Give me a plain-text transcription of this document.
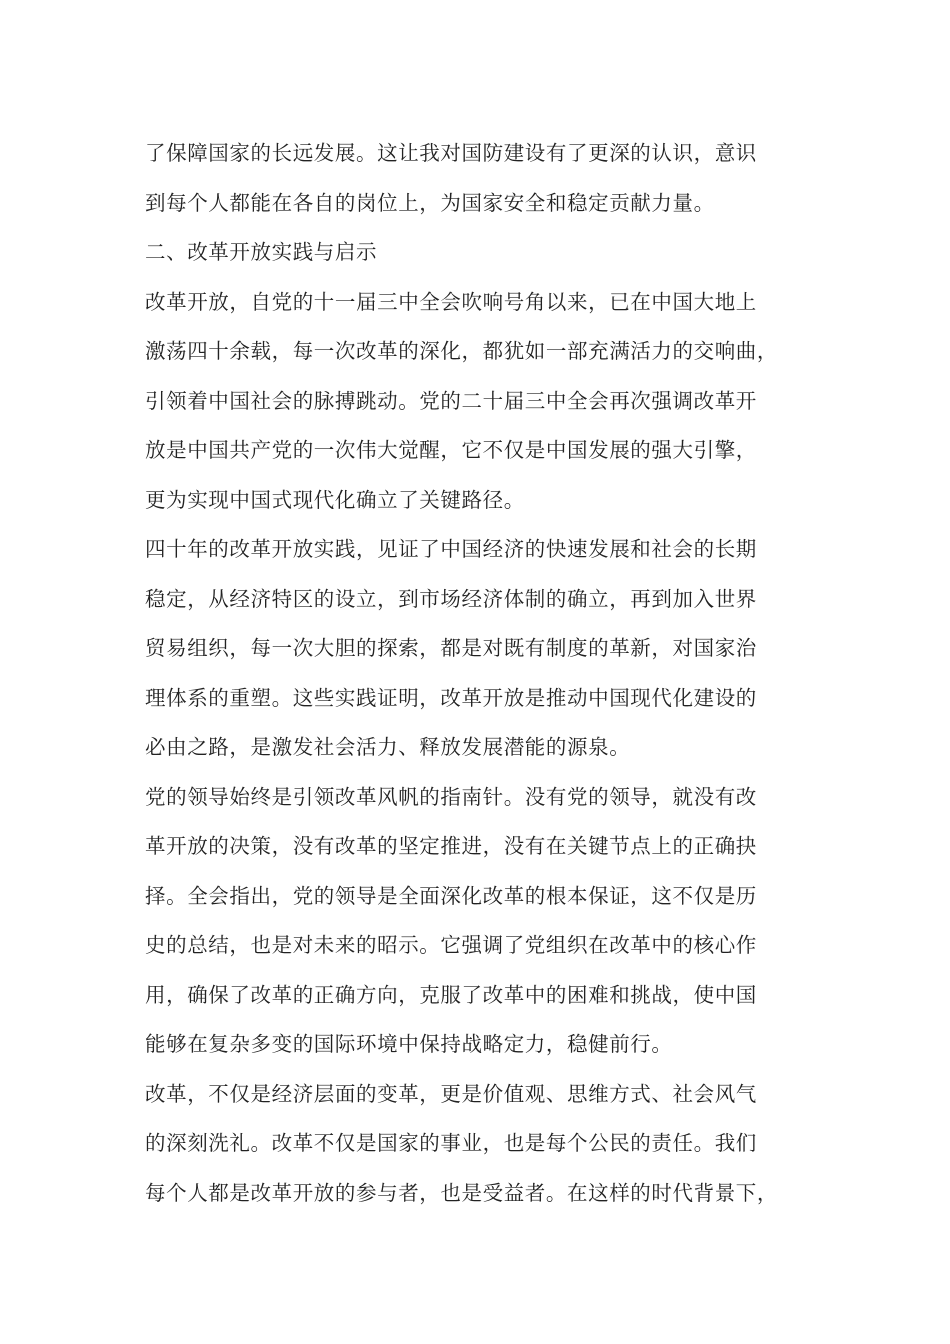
了保障国家的长远发展。这让我对国防建设有了更深的认识，意识
到每个人都能在各自的岗位上，为国家安全和稳定贡献力量。
二、改革开放实践与启示
改革开放，自党的十一届三中全会吹响号角以来，已在中国大地上
激荡四十余载，每一次改革的深化，都犹如一部充满活力的交响曲，
引领着中国社会的脉搏跳动。党的二十届三中全会再次强调改革开
放是中国共产党的一次伟大觉醒，它不仅是中国发展的强大引擎，
更为实现中国式现代化确立了关键路径。
四十年的改革开放实践，见证了中国经济的快速发展和社会的长期
稳定，从经济特区的设立，到市场经济体制的确立，再到加入世界
贸易组织，每一次大胆的探索，都是对既有制度的革新，对国家治
理体系的重塑。这些实践证明，改革开放是推动中国现代化建设的
必由之路，是激发社会活力、释放发展潜能的源泉。
党的领导始终是引领改革风帆的指南针。没有党的领导，就没有改
革开放的决策，没有改革的坚定推进，没有在关键节点上的正确抉
择。全会指出，党的领导是全面深化改革的根本保证，这不仅是历
史的总结，也是对未来的昭示。它强调了党组织在改革中的核心作
用，确保了改革的正确方向，克服了改革中的困难和挑战，使中国
能够在复杂多变的国际环境中保持战略定力，稳健前行。
改革，不仅是经济层面的变革，更是价值观、思维方式、社会风气
的深刻洗礼。改革不仅是国家的事业，也是每个公民的责任。我们
每个人都是改革开放的参与者，也是受益者。在这样的时代背景下，
